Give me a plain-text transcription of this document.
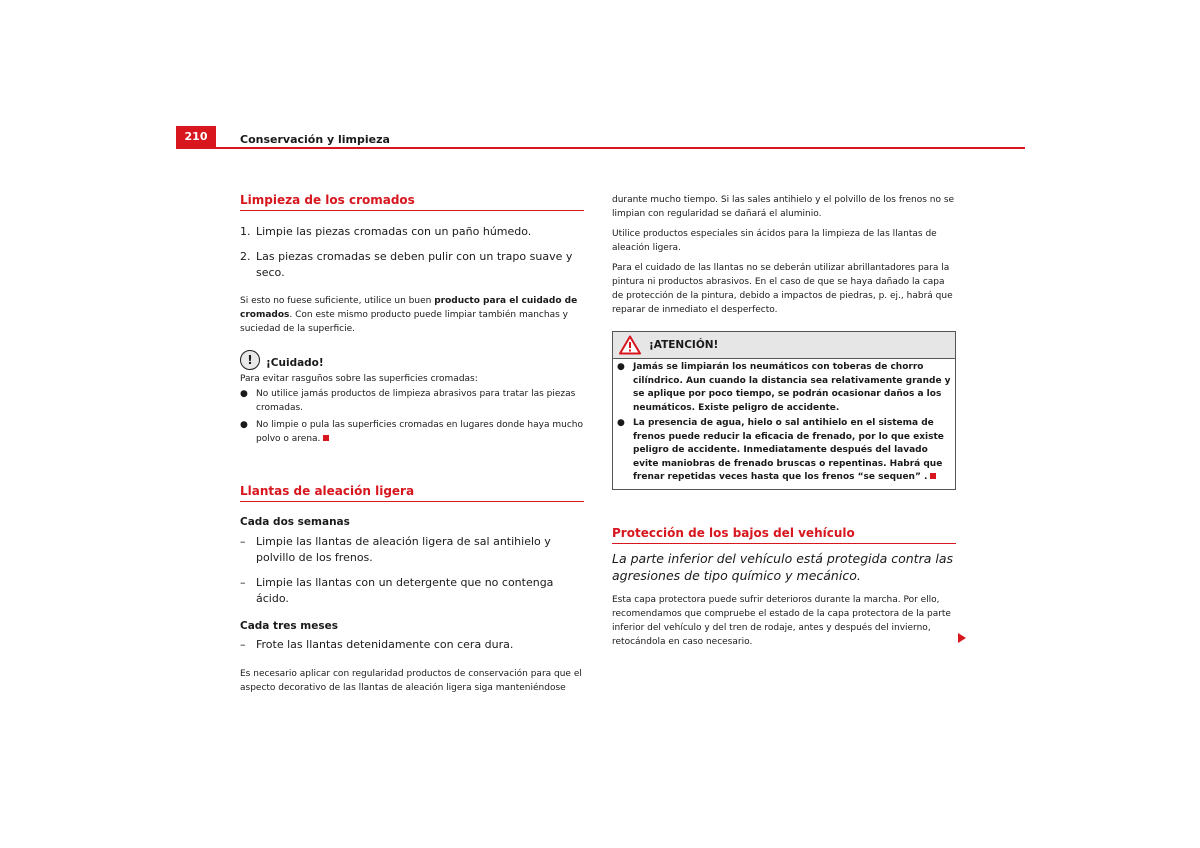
210	Conservación y limpieza
Limpieza de los cromados
1. Limpie las piezas cromadas con un paño húmedo.
2. Las piezas cromadas se deben pulir con un trapo suave y seco.

Si esto no fuese suficiente, utilice un buen producto para el cuidado de cromados. Con este mismo producto puede limpiar también manchas y suciedad de la superficie.

!	¡Cuidado!

Para evitar rasguños sobre las superficies cromadas:

● No utilice jamás productos de limpieza abrasivos para tratar las piezas cromadas.
● No limpie o pula las superficies cromadas en lugares donde haya mucho polvo o arena.
Llantas de aleación ligera
Cada dos semanas
– Limpie las llantas de aleación ligera de sal antihielo y polvillo de los frenos.
– Limpie las llantas con un detergente que no contenga ácido.
Cada tres meses
– Frote las llantas detenidamente con cera dura.

Es necesario aplicar con regularidad productos de conservación para que el aspecto decorativo de las llantas de aleación ligera siga manteniéndose

durante mucho tiempo. Si las sales antihielo y el polvillo de los frenos no se limpian con regularidad se dañará el aluminio.

Utilice productos especiales sin ácidos para la limpieza de las llantas de aleación ligera.

Para el cuidado de las llantas no se deberán utilizar abrillantadores para la pintura ni productos abrasivos. En el caso de que se haya dañado la capa de protección de la pintura, debido a impactos de piedras, p. ej., habrá que reparar de inmediato el desperfecto.

¡ATENCIÓN!
● Jamás se limpiarán los neumáticos con toberas de chorro cilíndrico. Aun cuando la distancia sea relativamente grande y se aplique por poco tiempo, se podrán ocasionar daños a los neumáticos. Existe peligro de accidente.
● La presencia de agua, hielo o sal antihielo en el sistema de frenos puede reducir la eficacia de frenado, por lo que existe peligro de accidente. Inmediatamente después del lavado evite maniobras de frenado bruscas o repentinas. Habrá que frenar repetidas veces hasta que los frenos “se sequen” .
Protección de los bajos del vehículo

La parte inferior del vehículo está protegida contra las agresiones de tipo químico y mecánico.

Esta capa protectora puede sufrir deterioros durante la marcha. Por ello, recomendamos que compruebe el estado de la capa protectora de la parte inferior del vehículo y del tren de rodaje, antes y después del invierno, retocándola en caso necesario.
